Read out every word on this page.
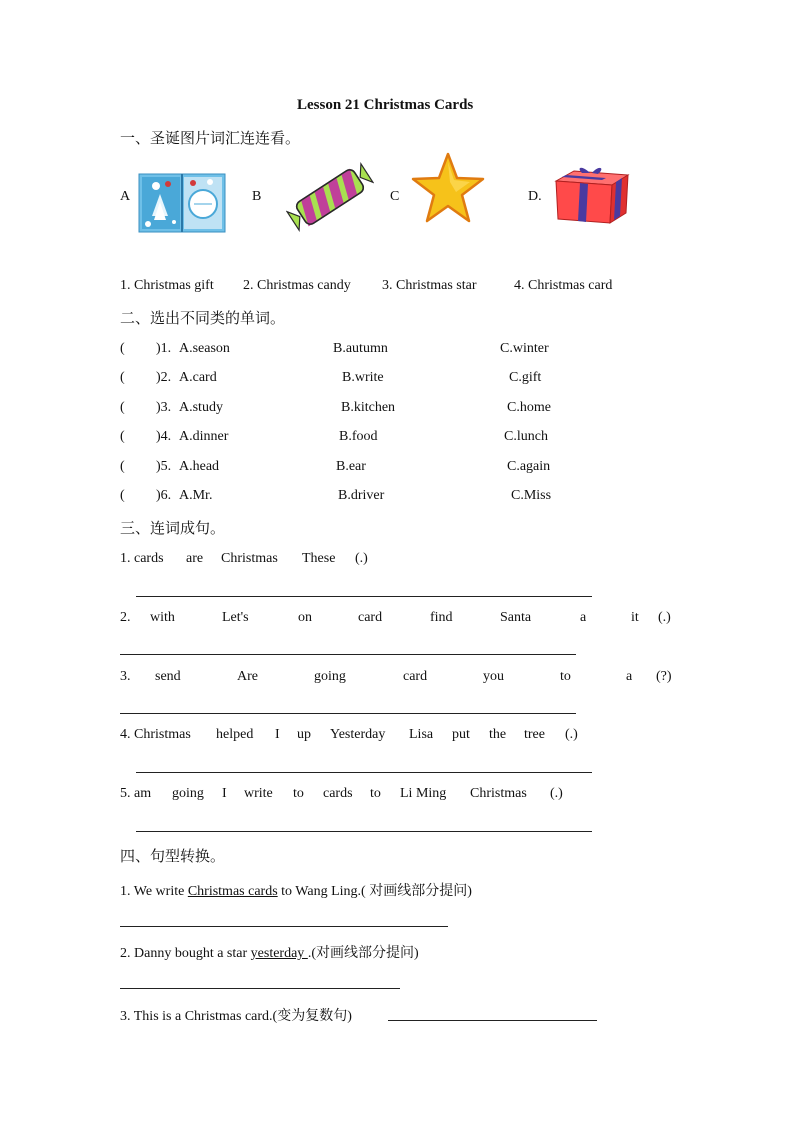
Lesson 21 Christmas Cards
一、圣诞图片词汇连连看。
A	B	C	D.
1. Christmas gift 2. Christmas candy 3. Christmas star	4. Christmas card
二、选出不同类的单词。
( )1. A.season	B.autumn	C.winter
( )2. A.card	B.write	C.gift
( )3. A.study	B.kitchen	C.home
( )4. A.dinner	B.food	C.lunch
( )5. A.head	B.ear	C.again
( )6. A.Mr.	B.driver	C.Miss
三、连词成句。
1. cards are Christmas These (.)
2. with	Let's	on	card	find	Santa	a	it (.)
3. send	Are	going	card	you	to	a (?)
4. Christmas helped I up Yesterday Lisa put the tree (.)
5. am going I write to cards to Li Ming Christmas (.)
四、句型转换。
1. We write Christmas cards to Wang Ling.( 对画线部分提问)
2. Danny bought a star yesterday .(对画线部分提问)
3. This is a Christmas card.(变为复数句)
